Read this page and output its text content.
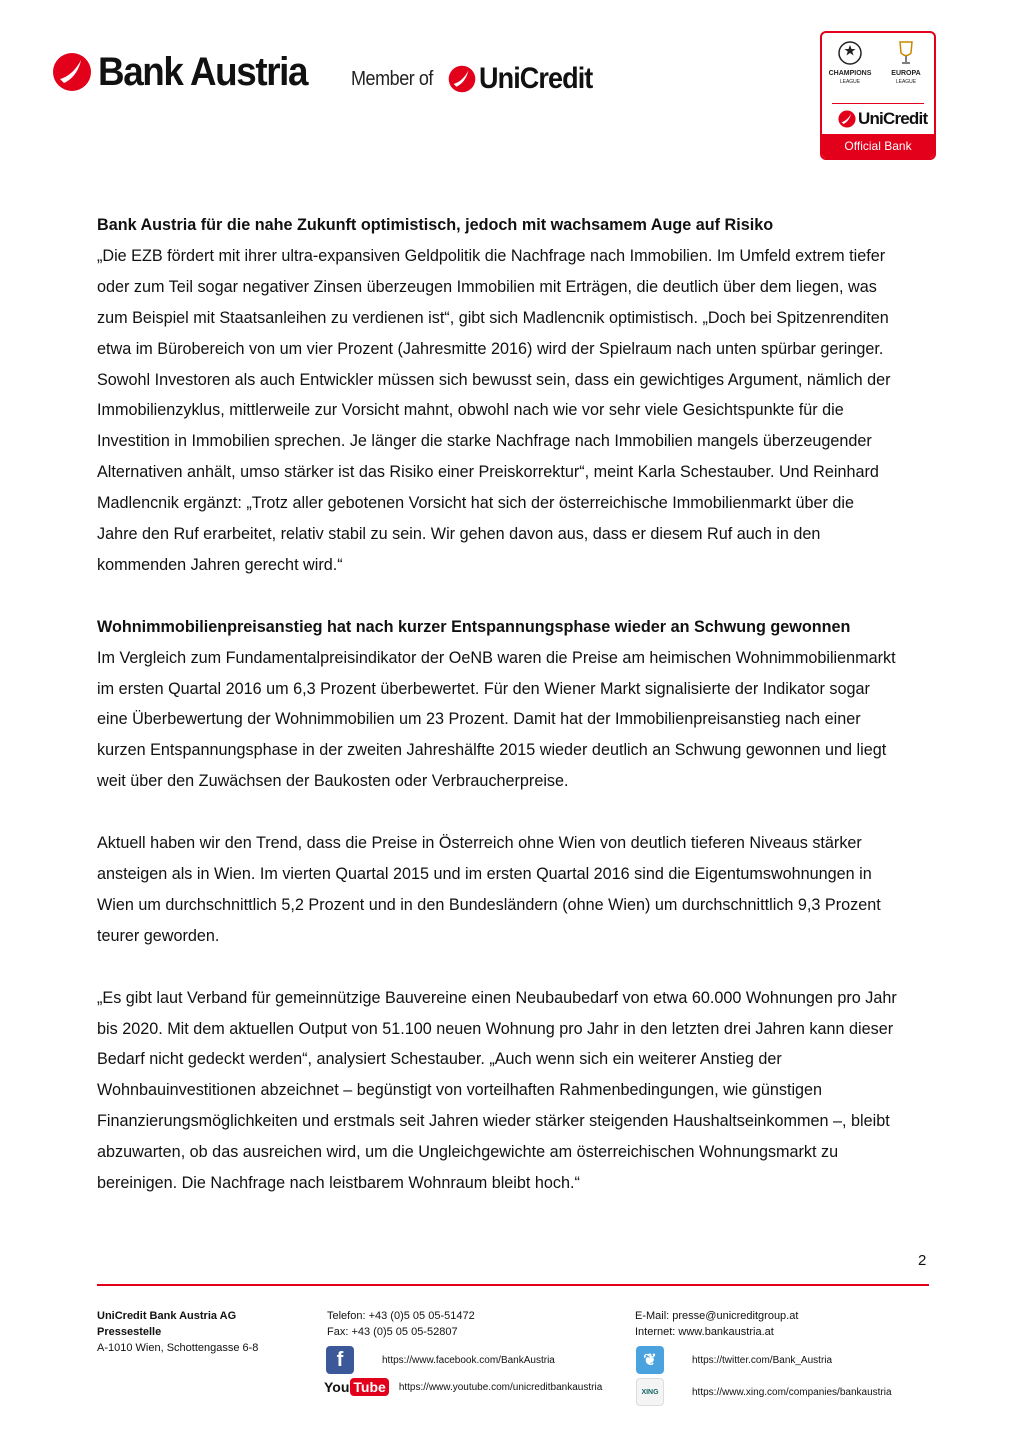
Bank Austria Member of UniCredit	CHAMPIONS
LEAGUE
EUROPA
LEAGUE
UniCredit
Official Bank
Bank Austria für die nahe Zukunft optimistisch, jedoch mit wachsamem Auge auf Risiko

„Die EZB fördert mit ihrer ultra-expansiven Geldpolitik die Nachfrage nach Immobilien. Im Umfeld extrem tiefer oder zum Teil sogar negativer Zinsen überzeugen Immobilien mit Erträgen, die deutlich über dem liegen, was zum Beispiel mit Staatsanleihen zu verdienen ist“, gibt sich Madlencnik optimistisch. „Doch bei Spitzenrenditen etwa im Bürobereich von um vier Prozent (Jahresmitte 2016) wird der Spielraum nach unten spürbar geringer. Sowohl Investoren als auch Entwickler müssen sich bewusst sein, dass ein gewichtiges Argument, nämlich der Immobilienzyklus, mittlerweile zur Vorsicht mahnt, obwohl nach wie vor sehr viele Gesichtspunkte für die Investition in Immobilien sprechen. Je länger die starke Nachfrage nach Immobilien mangels überzeugender Alternativen anhält, umso stärker ist das Risiko einer Preiskorrektur“, meint Karla Schestauber. Und Reinhard Madlencnik ergänzt: „Trotz aller gebotenen Vorsicht hat sich der österreichische Immobilienmarkt über die Jahre den Ruf erarbeitet, relativ stabil zu sein. Wir gehen davon aus, dass er diesem Ruf auch in den kommenden Jahren gerecht wird.“

Wohnimmobilienpreisanstieg hat nach kurzer Entspannungsphase wieder an Schwung gewonnen

Im Vergleich zum Fundamentalpreisindikator der OeNB waren die Preise am heimischen Wohnimmobilienmarkt im ersten Quartal 2016 um 6,3 Prozent überbewertet. Für den Wiener Markt signalisierte der Indikator sogar eine Überbewertung der Wohnimmobilien um 23 Prozent. Damit hat der Immobilienpreisanstieg nach einer kurzen Entspannungsphase in der zweiten Jahreshälfte 2015 wieder deutlich an Schwung gewonnen und liegt weit über den Zuwächsen der Baukosten oder Verbraucherpreise.

Aktuell haben wir den Trend, dass die Preise in Österreich ohne Wien von deutlich tieferen Niveaus stärker ansteigen als in Wien. Im vierten Quartal 2015 und im ersten Quartal 2016 sind die Eigentumswohnungen in Wien um durchschnittlich 5,2 Prozent und in den Bundesländern (ohne Wien) um durchschnittlich 9,3 Prozent teurer geworden.

„Es gibt laut Verband für gemeinnützige Bauvereine einen Neubaubedarf von etwa 60.000 Wohnungen pro Jahr bis 2020. Mit dem aktuellen Output von 51.100 neuen Wohnung pro Jahr in den letzten drei Jahren kann dieser Bedarf nicht gedeckt werden“, analysiert Schestauber. „Auch wenn sich ein weiterer Anstieg der Wohnbauinvestitionen abzeichnet – begünstigt von vorteilhaften Rahmenbedingungen, wie günstigen Finanzierungsmöglichkeiten und erstmals seit Jahren wieder stärker steigenden Haushaltseinkommen –, bleibt abzuwarten, ob das ausreichen wird, um die Ungleichgewichte am österreichischen Wohnungsmarkt zu bereinigen. Die Nachfrage nach leistbarem Wohnraum bleibt hoch.“

2
UniCredit Bank Austria AG
Pressestelle
A-1010 Wien, Schottengasse 6-8
Telefon: +43 (0)5 05 05-51472
Fax: +43 (0)5 05 05-52807
E-Mail: presse@unicreditgroup.at
Internet: www.bankaustria.at
f	https://www.facebook.com/BankAustria
You Tube	https://www.youtube.com/unicreditbankaustria
❦	https://twitter.com/Bank_Austria
XING	https://www.xing.com/companies/bankaustria
